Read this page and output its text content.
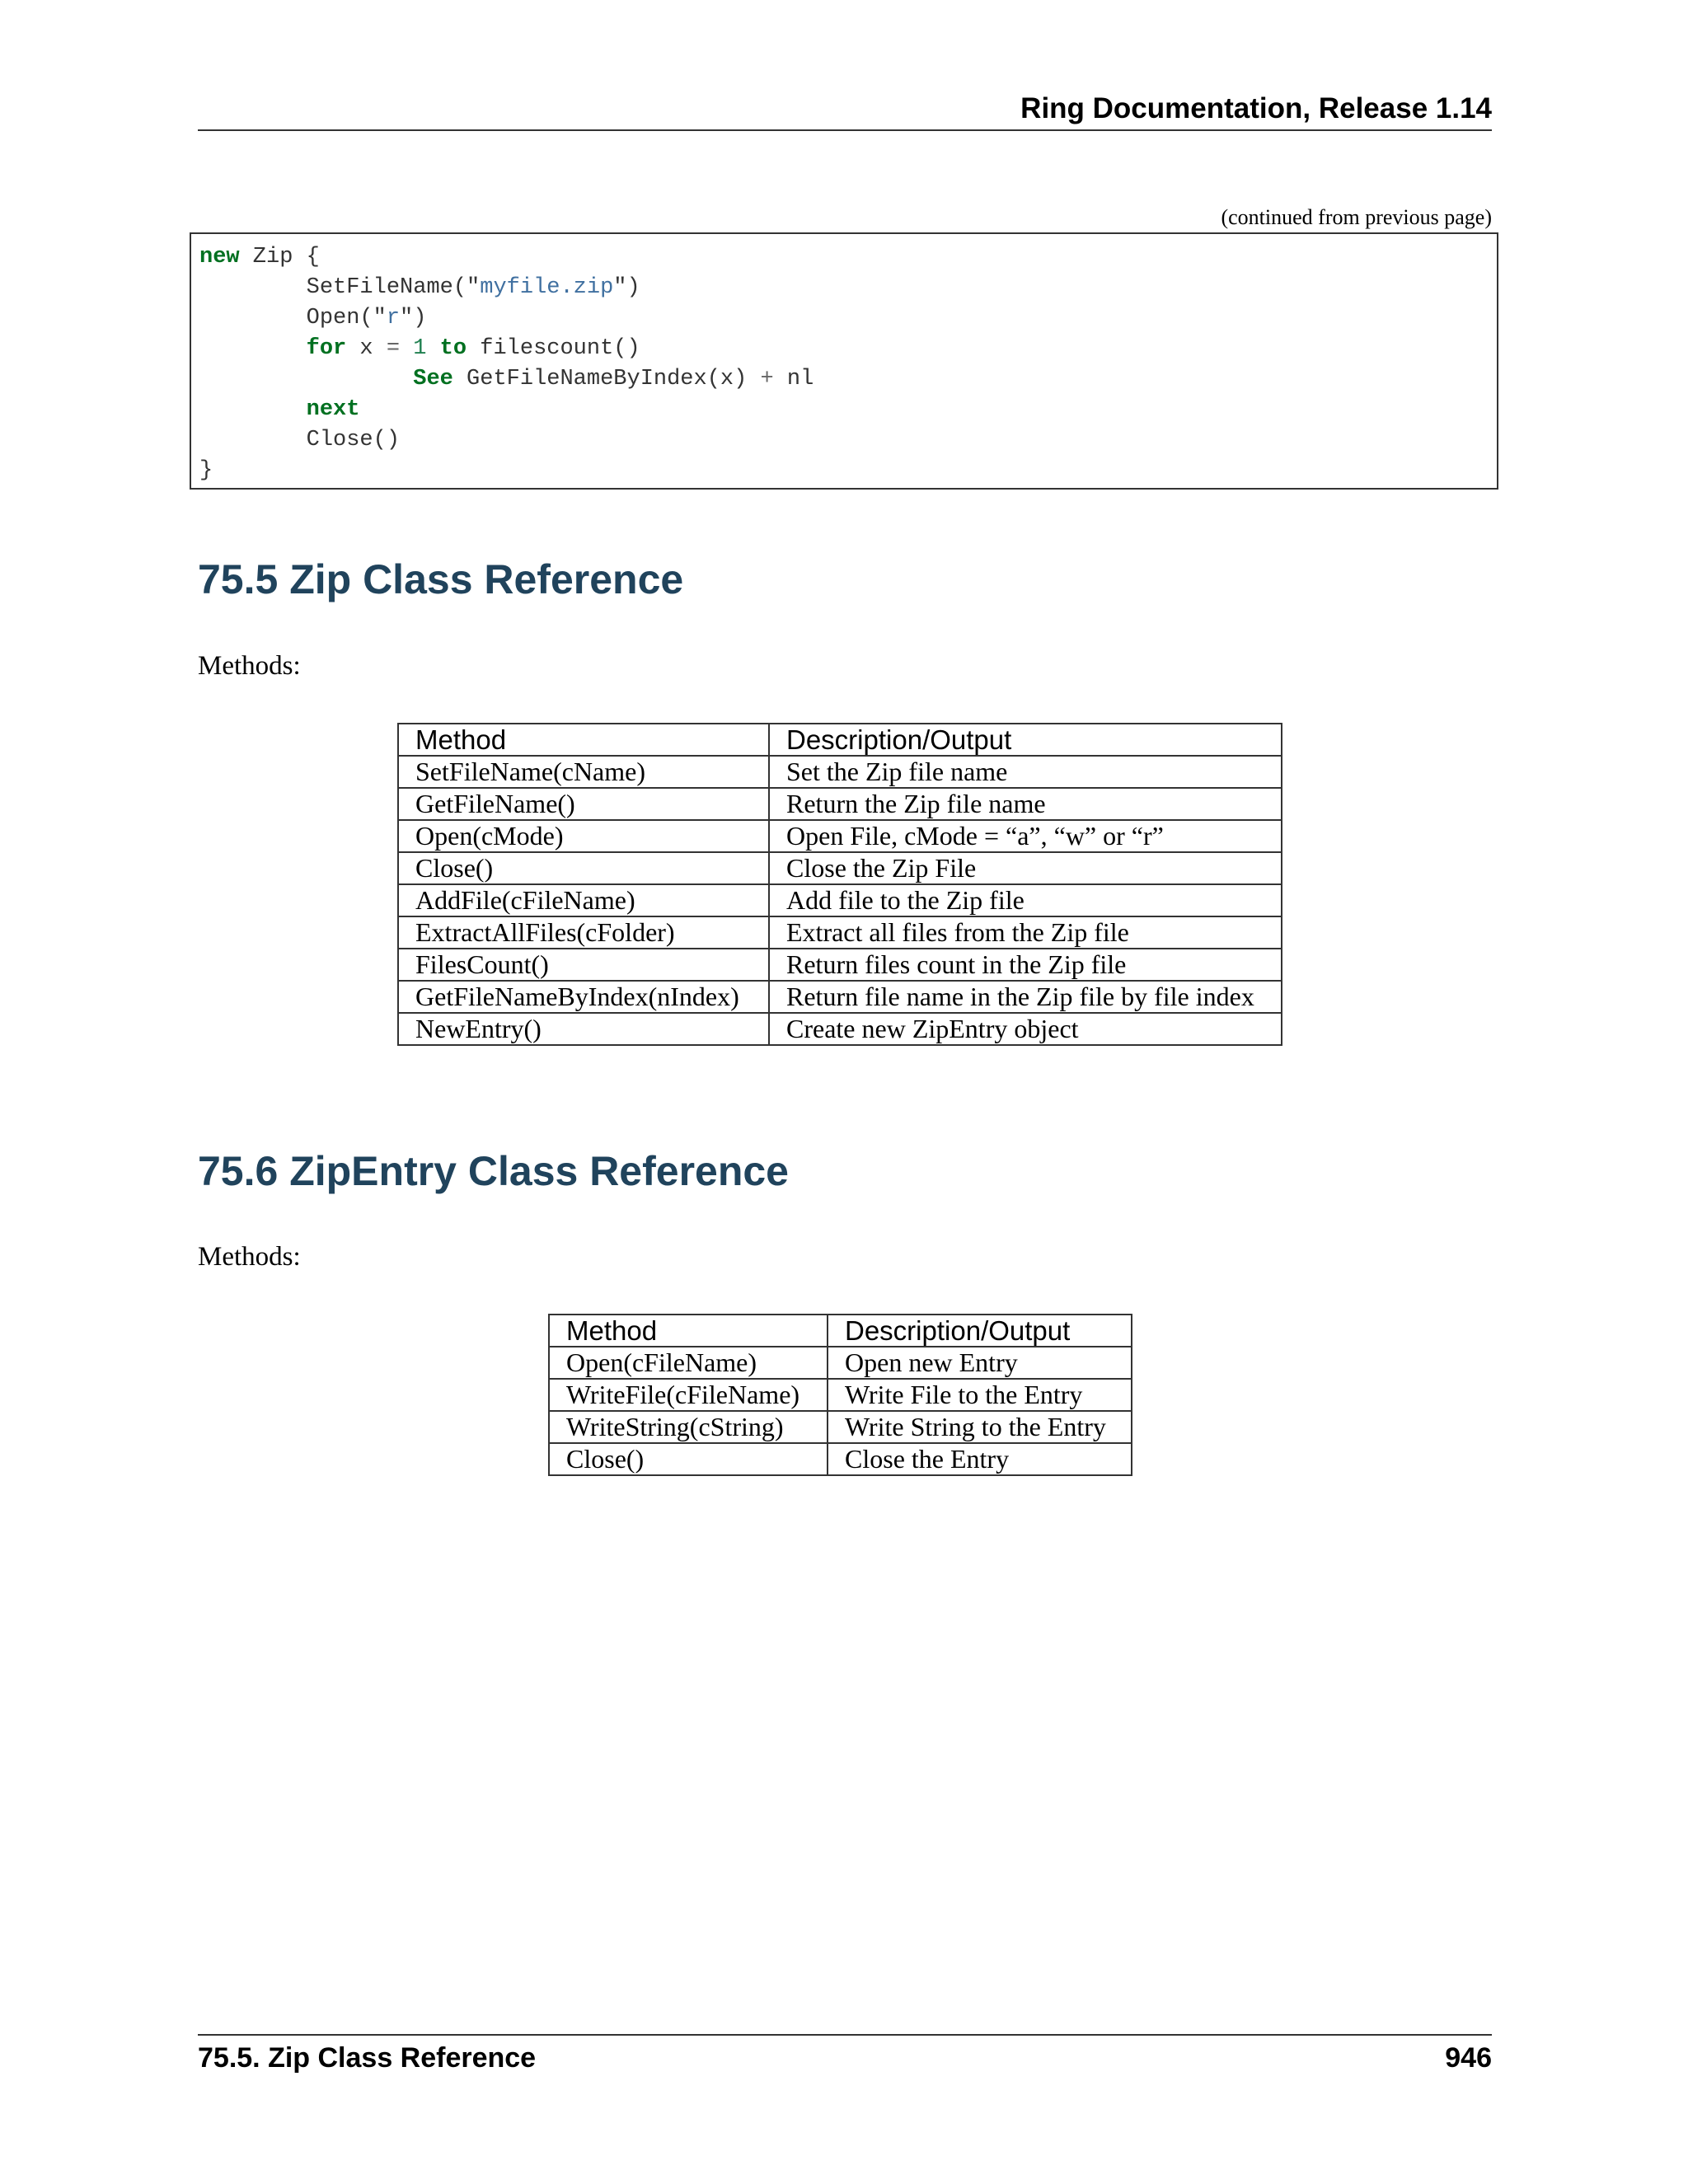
Ring Documentation, Release 1.14
(continued from previous page)
new Zip {
SetFileName("myfile.zip")
Open("r")
for x = 1 to filescount()
See GetFileNameByIndex(x) + nl
next
Close()
}
75.5 Zip Class Reference
Methods:
Method	Description/Output
SetFileName(cName)	Set the Zip file name
GetFileName()	Return the Zip file name
Open(cMode)	Open File, cMode = “a”, “w” or “r”
Close()	Close the Zip File
AddFile(cFileName)	Add file to the Zip file
ExtractAllFiles(cFolder)	Extract all files from the Zip file
FilesCount()	Return files count in the Zip file
GetFileNameByIndex(nIndex)	Return file name in the Zip file by file index
NewEntry()	Create new ZipEntry object
75.6 ZipEntry Class Reference
Methods:
Method	Description/Output
Open(cFileName)	Open new Entry
WriteFile(cFileName)	Write File to the Entry
WriteString(cString)	Write String to the Entry
Close()	Close the Entry
75.5. Zip Class Reference	946
